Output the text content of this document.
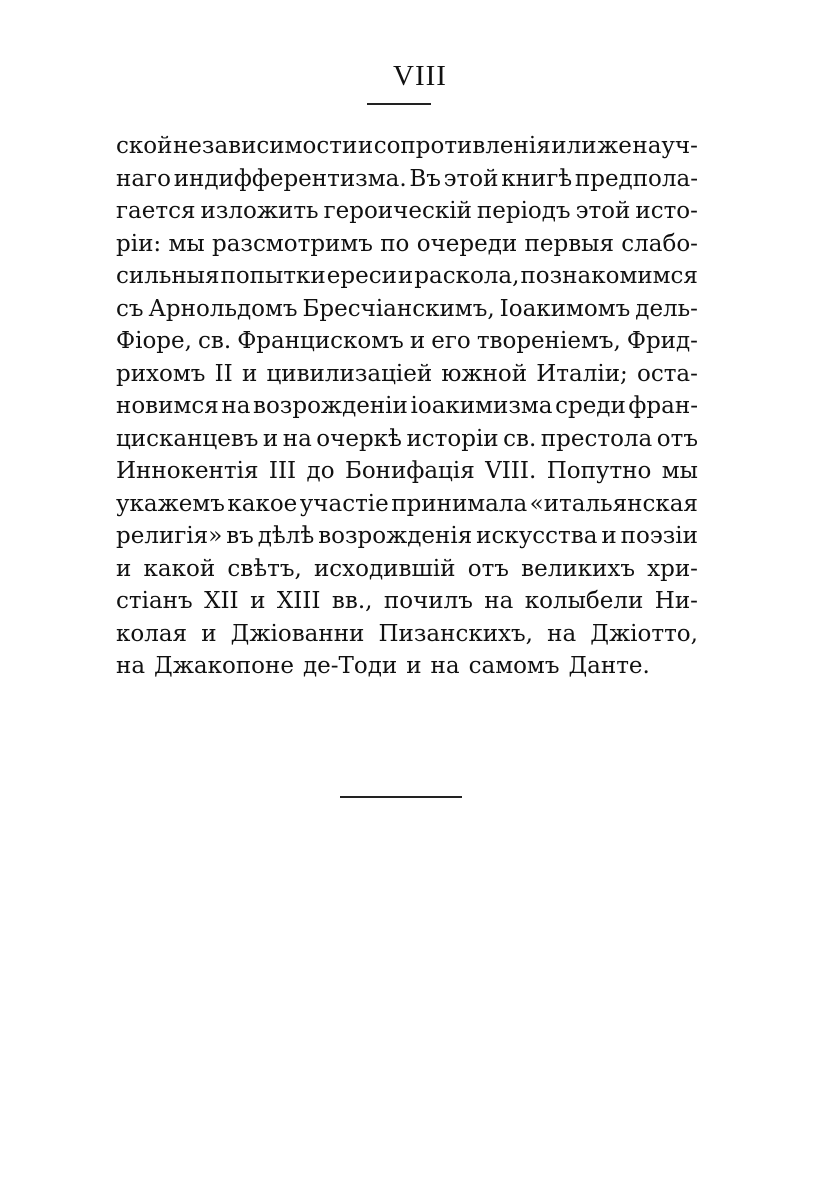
VIII
ской независимости и сопротивленія или же науч-
наго индифферентизма. Въ этой книгѣ предпола-
гается изложить героическій періодъ этой исто-
ріи: мы разсмотримъ по очереди первыя слабо-
сильныя попытки ереси и раскола, познакомимся
съ Арнольдомъ Бресчіанскимъ, Іоакимомъ дель-
Фіоре, св. Франциcкомъ и его твореніемъ, Фрид-
рихомъ II и цивилизаціей южной Италіи; оста-
новимся на возрожденіи іоакимизма среди фран-
цисканцевъ и на очеркѣ исторіи св. престола отъ
Иннокентія III до Бонифація VIII. Попутно мы
укажемъ какое участіе принимала «итальянская
религія» въ дѣлѣ возрожденія искусства и поэзіи
и какой свѣтъ, исходившій отъ великихъ хри-
стіанъ XII и XIII вв., почилъ на колыбели Ни-
колая и Джіованни Пизанскихъ, на Джіотто,
на Джакопоне де-Тоди и на самомъ Данте.
